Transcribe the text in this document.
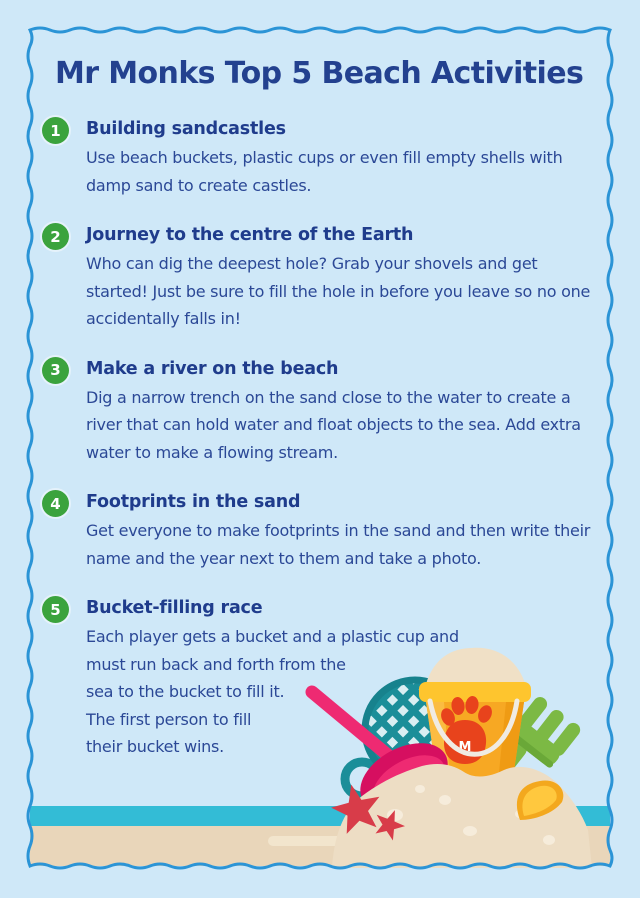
M
Mr Monks Top 5 Beach Activities
1	Building sandcastles

Use beach buckets, plastic cups or even fill empty shells with damp sand to create castles.

2	Journey to the centre of the Earth

Who can dig the deepest hole? Grab your shovels and get started! Just be sure to fill the hole in before you leave so no one accidentally falls in!

3	Make a river on the beach

Dig a narrow trench on the sand close to the water to create a river that can hold water and float objects to the sea. Add extra water to make a flowing stream.

4	Footprints in the sand

Get everyone to make footprints in the sand and then write their name and the year next to them and take a photo.

5	Bucket-filling race

Each player gets a bucket and a plastic cup and must run back and forth from the sea to the bucket to fill it. The first person to fill their bucket wins.
